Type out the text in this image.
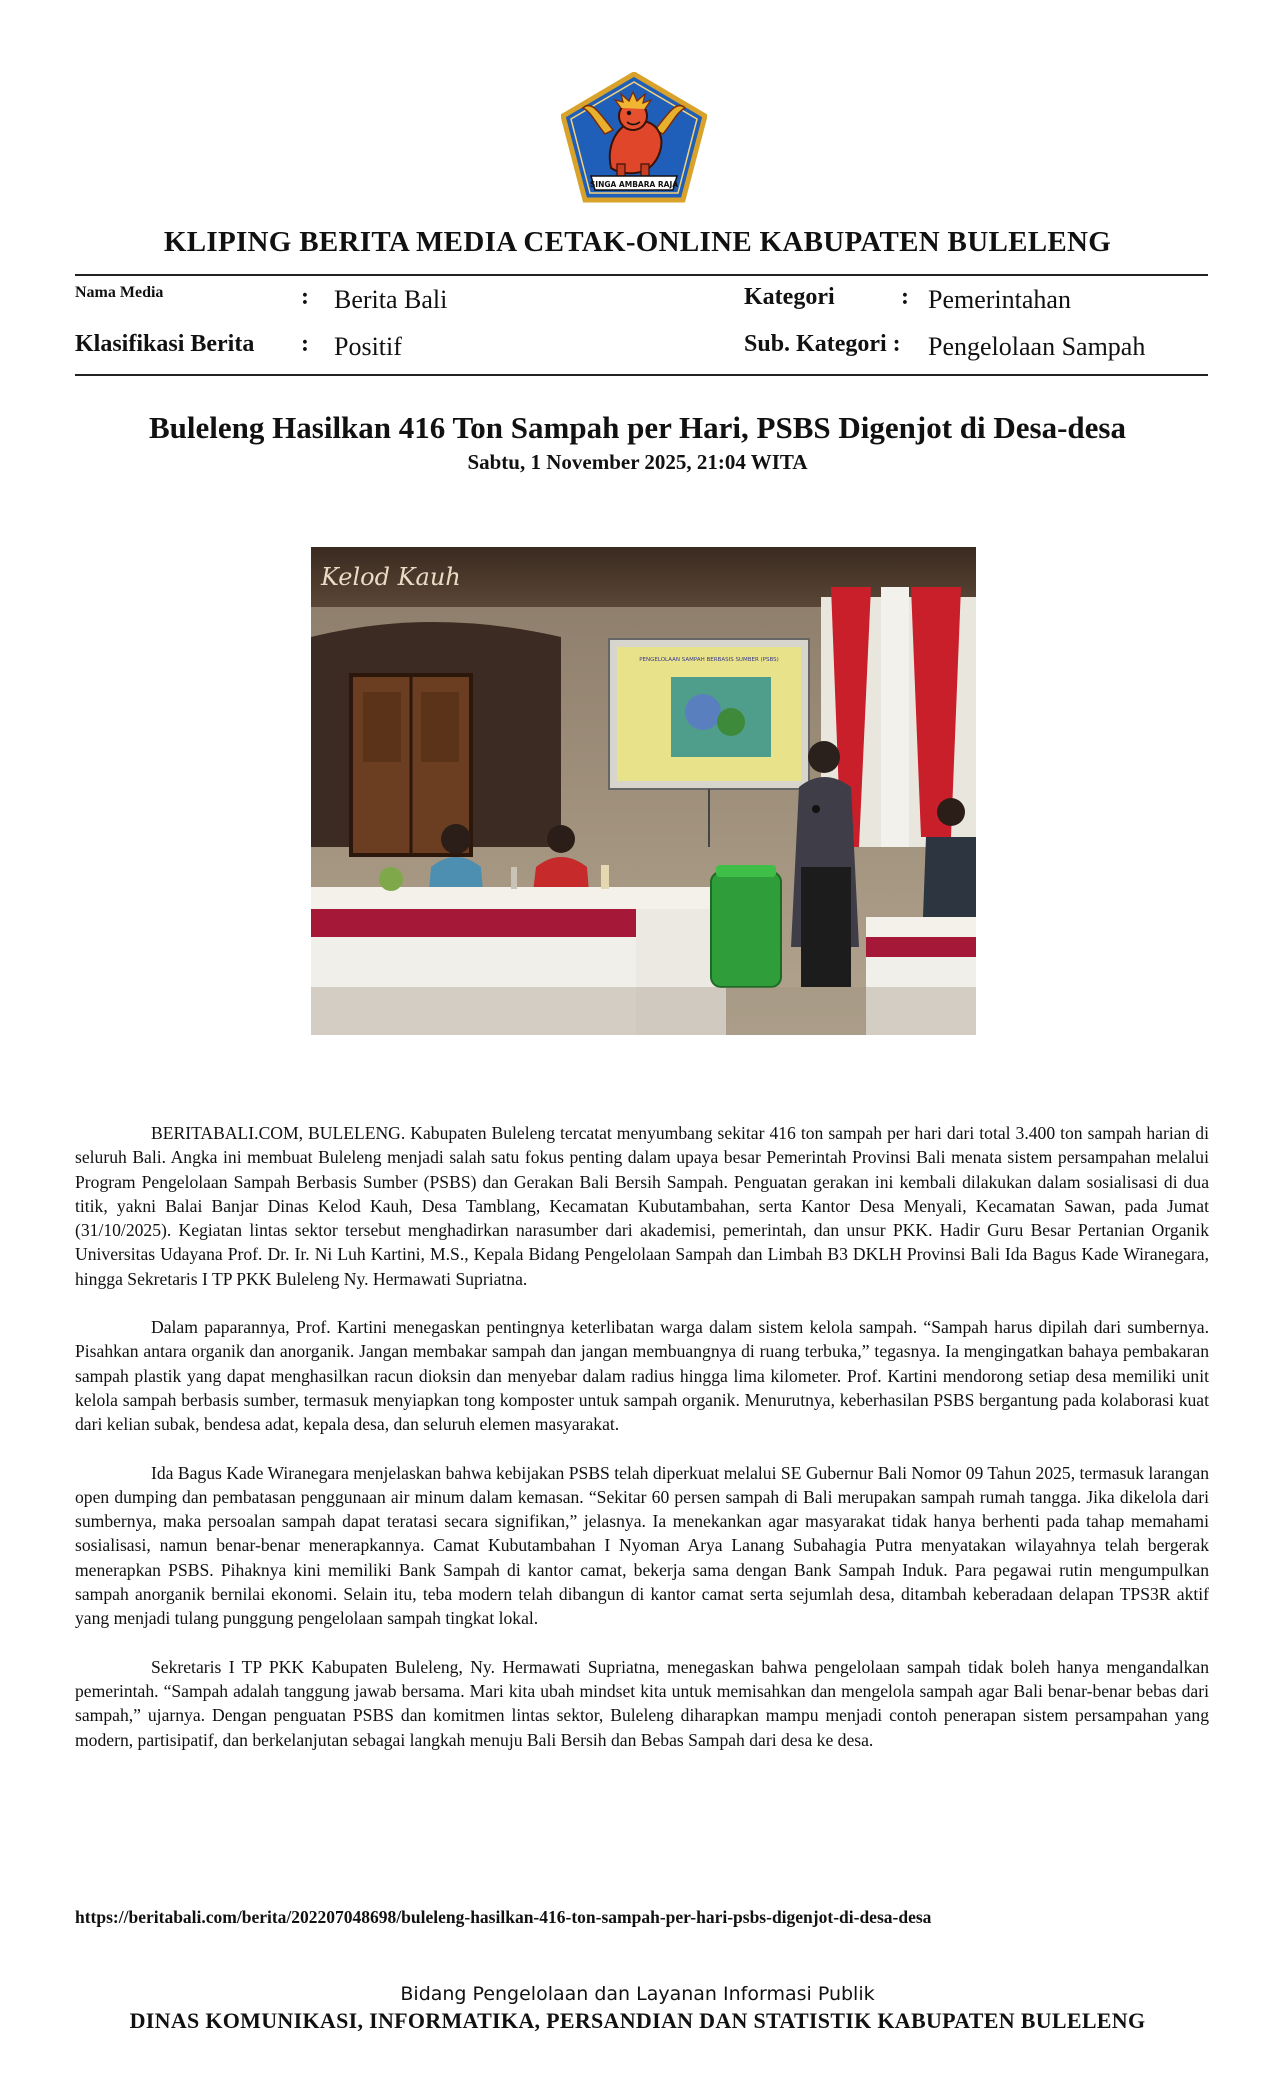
SINGA AMBARA RAJA
KLIPING BERITA MEDIA CETAK-ONLINE KABUPATEN BULELENG
Nama Media	: Berita Bali	Kategori	: Pemerintahan
Klasifikasi Berita : Positif	Sub. Kategori : Pengelolaan Sampah
Buleleng Hasilkan 416 Ton Sampah per Hari, PSBS Digenjot di Desa-desa
Sabtu, 1 November 2025, 21:04 WITA
Kelod Kauh
PENGELOLAAN SAMPAH BERBASIS SUMBER (PSBS)

BERITABALI.COM, BULELENG. Kabupaten Buleleng tercatat menyumbang sekitar 416 ton sampah per hari dari total 3.400 ton sampah harian di seluruh Bali. Angka ini membuat Buleleng menjadi salah satu fokus penting dalam upaya besar Pemerintah Provinsi Bali menata sistem persampahan melalui Program Pengelolaan Sampah Berbasis Sumber (PSBS) dan Gerakan Bali Bersih Sampah. Penguatan gerakan ini kembali dilakukan dalam sosialisasi di dua titik, yakni Balai Banjar Dinas Kelod Kauh, Desa Tamblang, Kecamatan Kubutambahan, serta Kantor Desa Menyali, Kecamatan Sawan, pada Jumat (31/10/2025). Kegiatan lintas sektor tersebut menghadirkan narasumber dari akademisi, pemerintah, dan unsur PKK. Hadir Guru Besar Pertanian Organik Universitas Udayana Prof. Dr. Ir. Ni Luh Kartini, M.S., Kepala Bidang Pengelolaan Sampah dan Limbah B3 DKLH Provinsi Bali Ida Bagus Kade Wiranegara, hingga Sekretaris I TP PKK Buleleng Ny. Hermawati Supriatna.

Dalam paparannya, Prof. Kartini menegaskan pentingnya keterlibatan warga dalam sistem kelola sampah. “Sampah harus dipilah dari sumbernya. Pisahkan antara organik dan anorganik. Jangan membakar sampah dan jangan membuangnya di ruang terbuka,” tegasnya. Ia mengingatkan bahaya pembakaran sampah plastik yang dapat menghasilkan racun dioksin dan menyebar dalam radius hingga lima kilometer. Prof. Kartini mendorong setiap desa memiliki unit kelola sampah berbasis sumber, termasuk menyiapkan tong komposter untuk sampah organik. Menurutnya, keberhasilan PSBS bergantung pada kolaborasi kuat dari kelian subak, bendesa adat, kepala desa, dan seluruh elemen masyarakat.

Ida Bagus Kade Wiranegara menjelaskan bahwa kebijakan PSBS telah diperkuat melalui SE Gubernur Bali Nomor 09 Tahun 2025, termasuk larangan open dumping dan pembatasan penggunaan air minum dalam kemasan. “Sekitar 60 persen sampah di Bali merupakan sampah rumah tangga. Jika dikelola dari sumbernya, maka persoalan sampah dapat teratasi secara signifikan,” jelasnya. Ia menekankan agar masyarakat tidak hanya berhenti pada tahap memahami sosialisasi, namun benar-benar menerapkannya. Camat Kubutambahan I Nyoman Arya Lanang Subahagia Putra menyatakan wilayahnya telah bergerak menerapkan PSBS. Pihaknya kini memiliki Bank Sampah di kantor camat, bekerja sama dengan Bank Sampah Induk. Para pegawai rutin mengumpulkan sampah anorganik bernilai ekonomi. Selain itu, teba modern telah dibangun di kantor camat serta sejumlah desa, ditambah keberadaan delapan TPS3R aktif yang menjadi tulang punggung pengelolaan sampah tingkat lokal.

Sekretaris I TP PKK Kabupaten Buleleng, Ny. Hermawati Supriatna, menegaskan bahwa pengelolaan sampah tidak boleh hanya mengandalkan pemerintah. “Sampah adalah tanggung jawab bersama. Mari kita ubah mindset kita untuk memisahkan dan mengelola sampah agar Bali benar-benar bebas dari sampah,” ujarnya. Dengan penguatan PSBS dan komitmen lintas sektor, Buleleng diharapkan mampu menjadi contoh penerapan sistem persampahan yang modern, partisipatif, dan berkelanjutan sebagai langkah menuju Bali Bersih dan Bebas Sampah dari desa ke desa.

https://beritabali.com/berita/202207048698/buleleng-hasilkan-416-ton-sampah-per-hari-psbs-digenjot-di-desa-desa
Bidang Pengelolaan dan Layanan Informasi Publik
DINAS KOMUNIKASI, INFORMATIKA, PERSANDIAN DAN STATISTIK KABUPATEN BULELENG
